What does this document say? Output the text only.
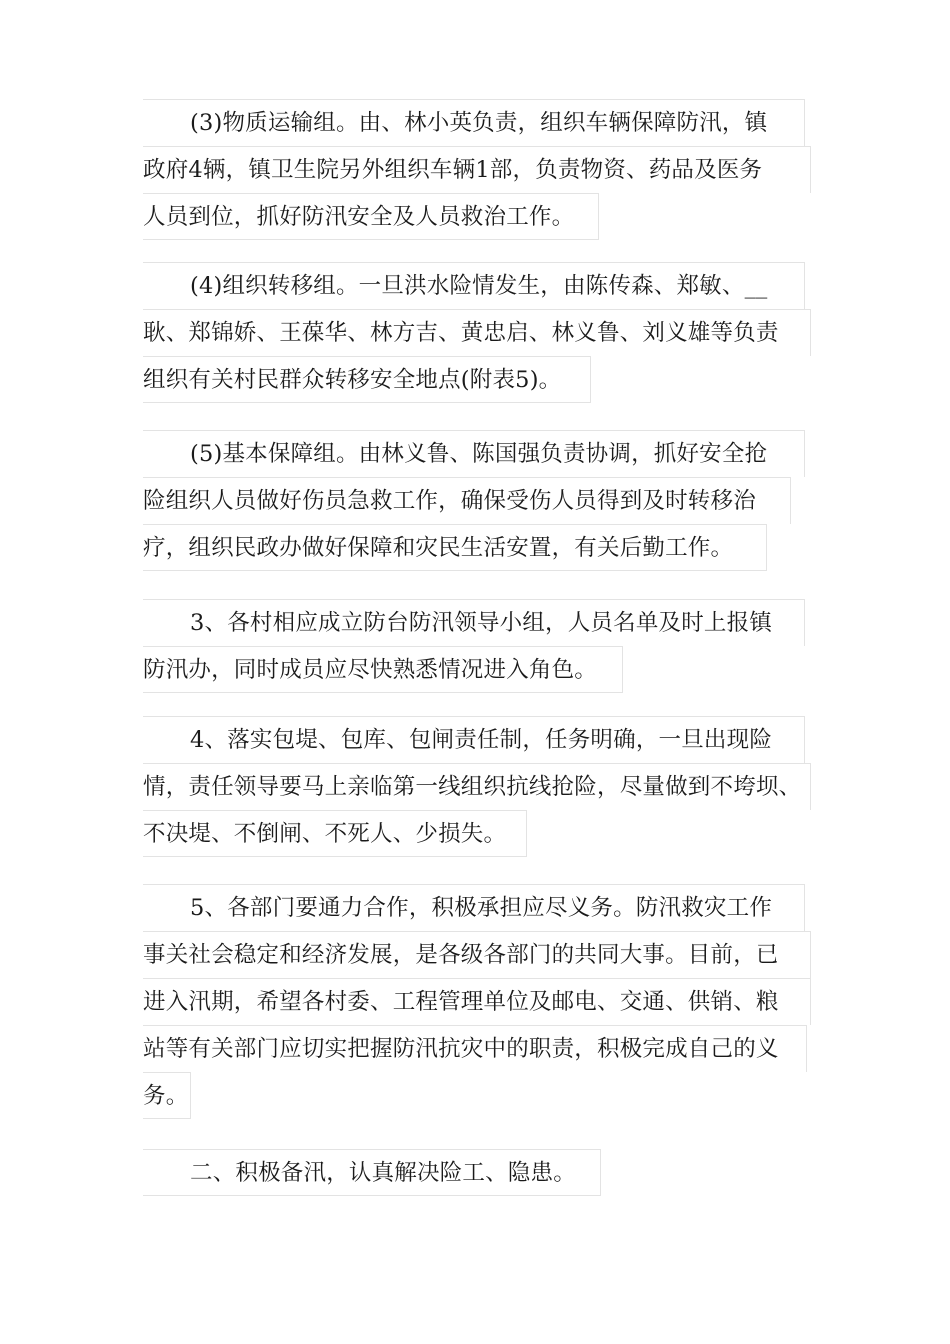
(3)物质运输组。由、林小英负责，组织车辆保障防汛，镇
政府4辆，镇卫生院另外组织车辆1部，负责物资、药品及医务
人员到位，抓好防汛安全及人员救治工作。
(4)组织转移组。一旦洪水险情发生，由陈传森、郑敏、__
耿、郑锦娇、王葆华、林方吉、黄忠启、林义鲁、刘义雄等负责
组织有关村民群众转移安全地点(附表5)。
(5)基本保障组。由林义鲁、陈国强负责协调，抓好安全抢
险组织人员做好伤员急救工作，确保受伤人员得到及时转移治
疗，组织民政办做好保障和灾民生活安置，有关后勤工作。
3、各村相应成立防台防汛领导小组，人员名单及时上报镇
防汛办，同时成员应尽快熟悉情况进入角色。
4、落实包堤、包库、包闸责任制，任务明确，一旦出现险
情，责任领导要马上亲临第一线组织抗线抢险，尽量做到不垮坝、
不决堤、不倒闸、不死人、少损失。
5、各部门要通力合作，积极承担应尽义务。防汛救灾工作
事关社会稳定和经济发展，是各级各部门的共同大事。目前，已
进入汛期，希望各村委、工程管理单位及邮电、交通、供销、粮
站等有关部门应切实把握防汛抗灾中的职责，积极完成自己的义
务。
二、积极备汛，认真解决险工、隐患。
